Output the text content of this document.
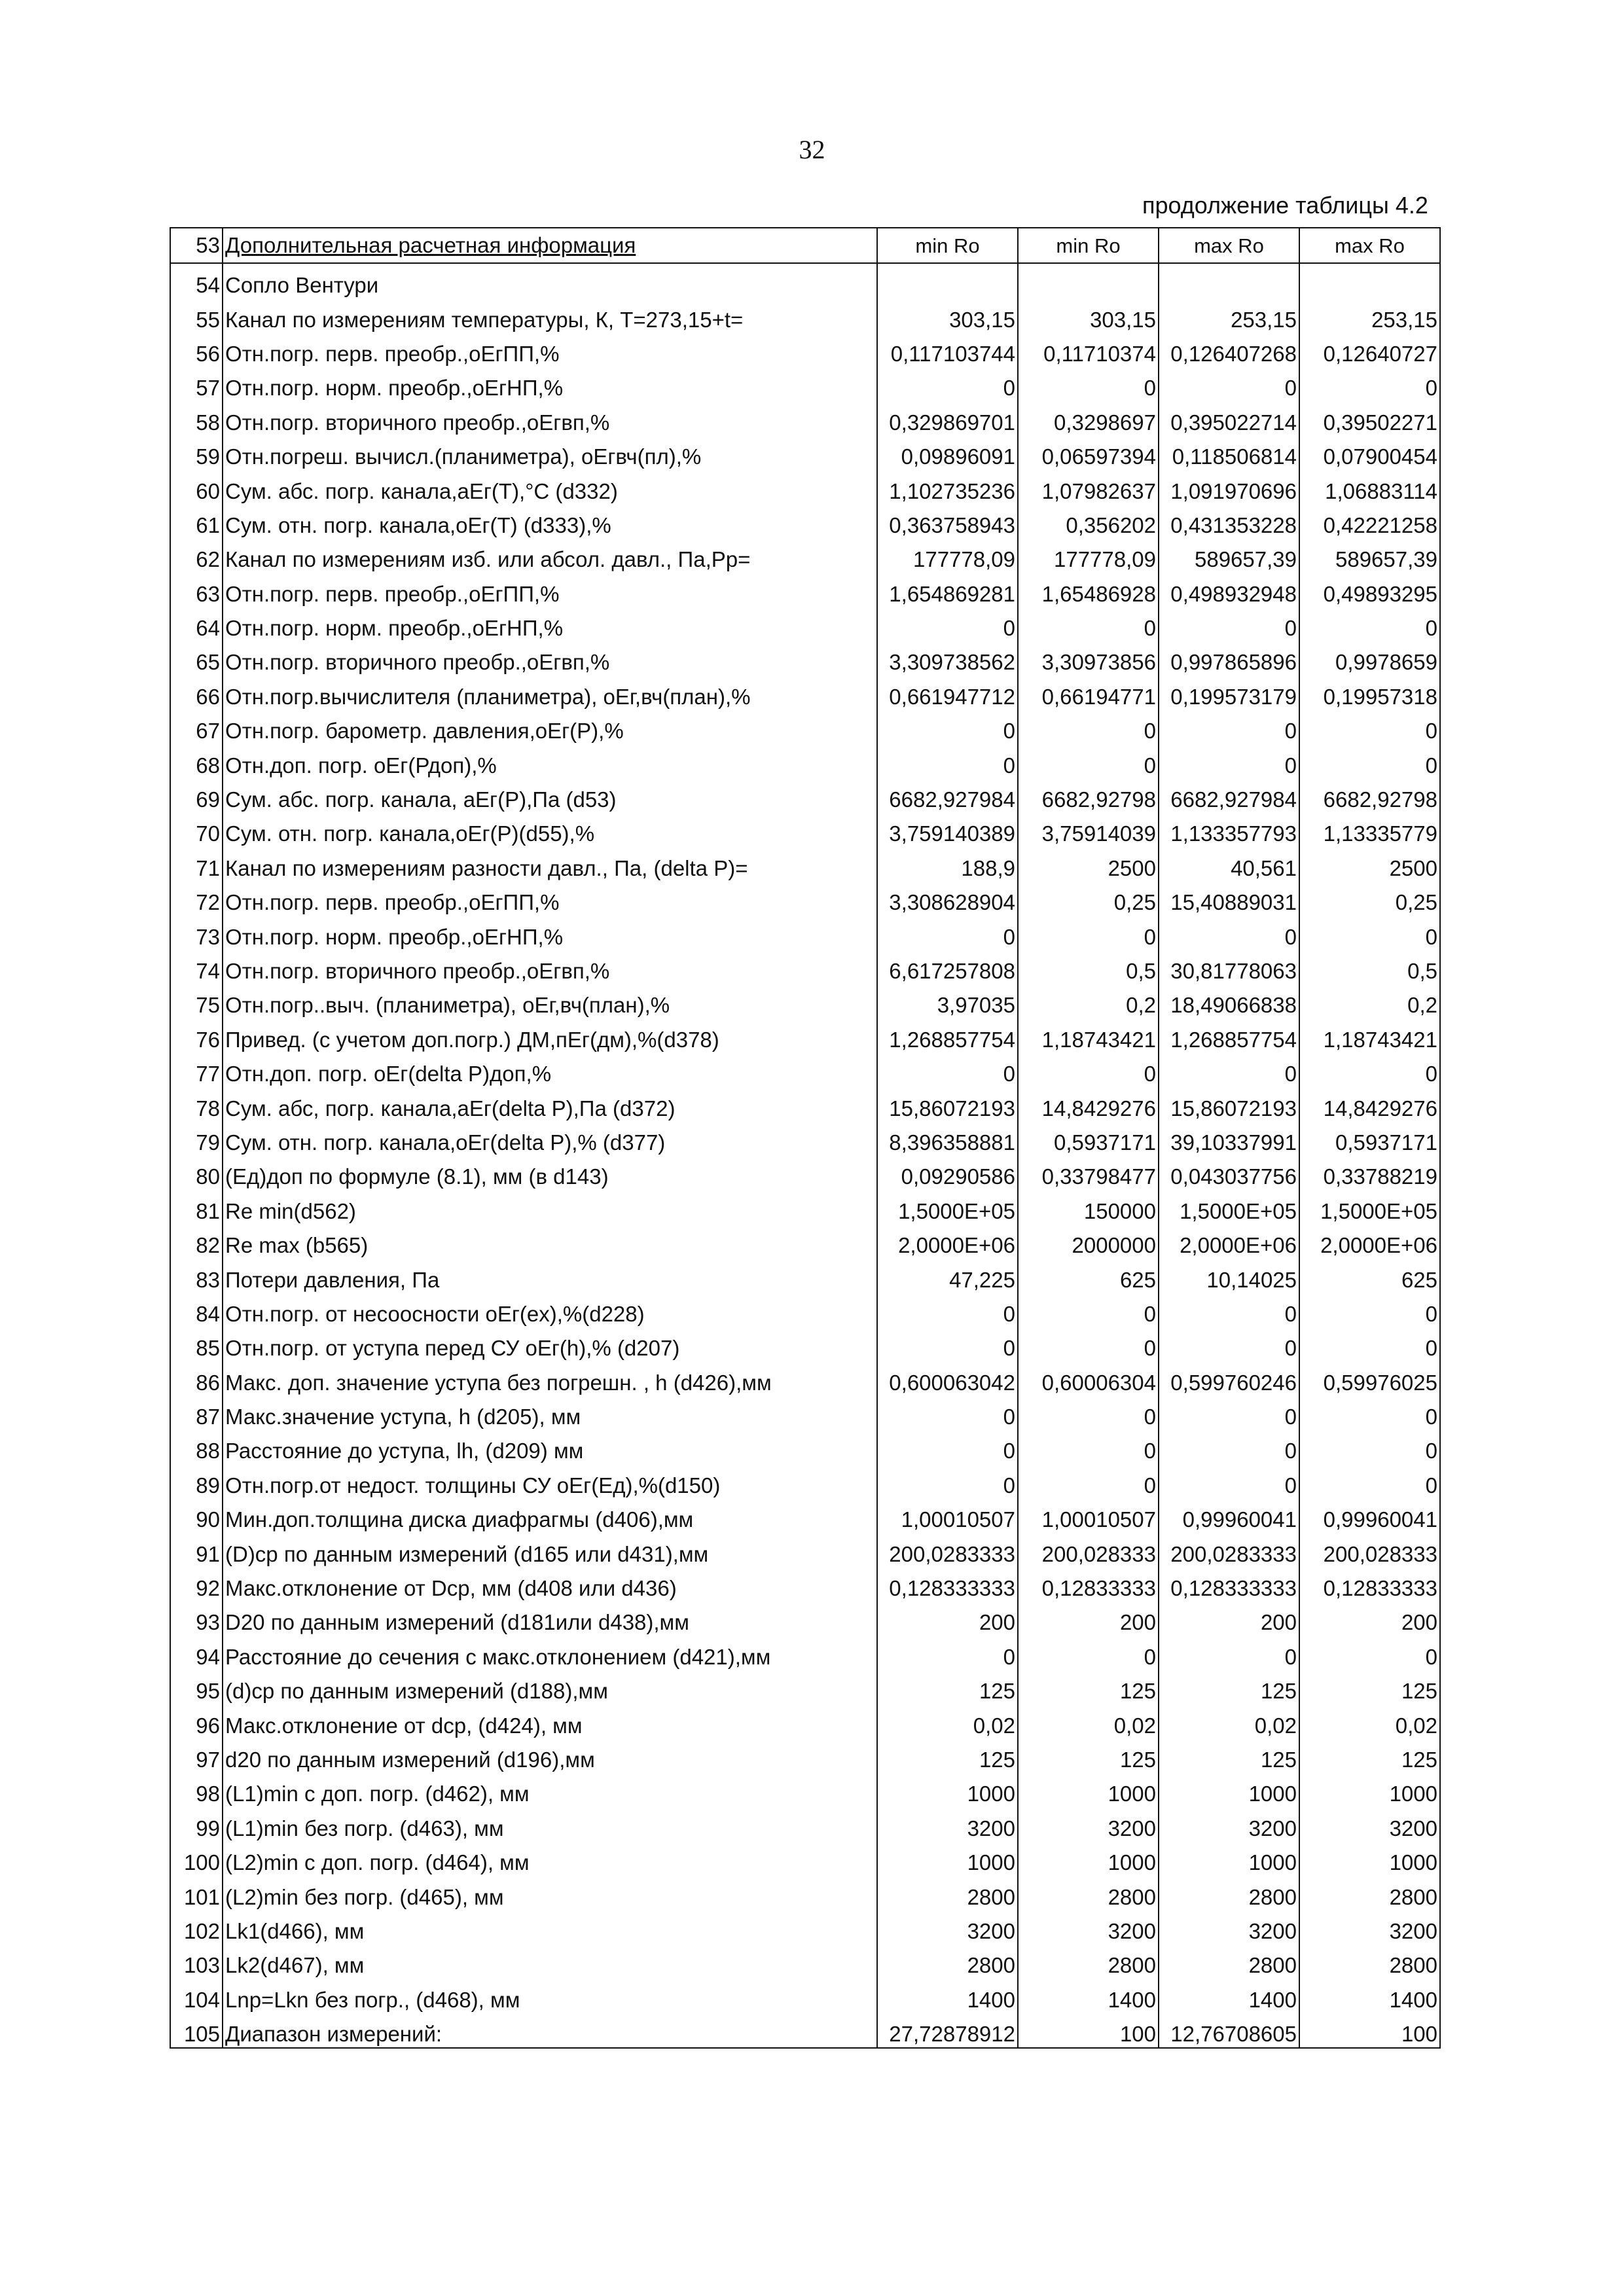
32
продолжение таблицы 4.2
53	Дополнительная расчетная информация	min Ro	min Ro	max Ro	max Ro
54	Сопло Вентури				
55	Канал по измерениям температуры, К, Т=273,15+t=	303,15	303,15	253,15	253,15
56	Отн.погр. перв. преобр.,оЕгПП,%	0,117103744	0,11710374	0,126407268	0,12640727
57	Отн.погр. норм. преобр.,оЕгНП,%	0	0	0	0
58	Отн.погр. вторичного преобр.,оЕгвп,%	0,329869701	0,3298697	0,395022714	0,39502271
59	Отн.погреш. вычисл.(планиметра), оЕгвч(пл),%	0,09896091	0,06597394	0,118506814	0,07900454
60	Сум. абс. погр. канала,аЕг(Т),°С (d332)	1,102735236	1,07982637	1,091970696	1,06883114
61	Сум. отн. погр. канала,оЕг(Т) (d333),%	0,363758943	0,356202	0,431353228	0,42221258
62	Канал по измерениям изб. или абсол. давл., Па,Рр=	177778,09	177778,09	589657,39	589657,39
63	Отн.погр. перв. преобр.,оЕгПП,%	1,654869281	1,65486928	0,498932948	0,49893295
64	Отн.погр. норм. преобр.,оЕгНП,%	0	0	0	0
65	Отн.погр. вторичного преобр.,оЕгвп,%	3,309738562	3,30973856	0,997865896	0,9978659
66	Отн.погр.вычислителя (планиметра), оЕг,вч(план),%	0,661947712	0,66194771	0,199573179	0,19957318
67	Отн.погр. барометр. давления,оЕг(Р),%	0	0	0	0
68	Отн.доп. погр. оЕг(Рдоп),%	0	0	0	0
69	Сум. абс. погр. канала, аЕг(Р),Па (d53)	6682,927984	6682,92798	6682,927984	6682,92798
70	Сум. отн. погр. канала,оЕг(Р)(d55),%	3,759140389	3,75914039	1,133357793	1,13335779
71	Канал по измерениям разности давл., Па, (delta P)=	188,9	2500	40,561	2500
72	Отн.погр. перв. преобр.,оЕгПП,%	3,308628904	0,25	15,40889031	0,25
73	Отн.погр. норм. преобр.,оЕгНП,%	0	0	0	0
74	Отн.погр. вторичного преобр.,оЕгвп,%	6,617257808	0,5	30,81778063	0,5
75	Отн.погр..выч. (планиметра), оЕг,вч(план),%	3,97035	0,2	18,49066838	0,2
76	Привед. (с учетом доп.погр.) ДМ,пЕг(дм),%(d378)	1,268857754	1,18743421	1,268857754	1,18743421
77	Отн.доп. погр. оЕг(delta Р)доп,%	0	0	0	0
78	Сум. абс, погр. канала,аЕг(delta Р),Па (d372)	15,86072193	14,8429276	15,86072193	14,8429276
79	Сум. отн. погр. канала,оЕг(delta Р),% (d377)	8,396358881	0,5937171	39,10337991	0,5937171
80	(Ед)доп по формуле (8.1), мм (в d143)	0,09290586	0,33798477	0,043037756	0,33788219
81	Re min(d562)	1,5000E+05	150000	1,5000E+05	1,5000E+05
82	Re max (b565)	2,0000E+06	2000000	2,0000E+06	2,0000E+06
83	Потери давления, Па	47,225	625	10,14025	625
84	Отн.погр. от несоосности оЕг(ex),%(d228)	0	0	0	0
85	Отн.погр. от уступа перед СУ оЕг(h),% (d207)	0	0	0	0
86	Макс. доп. значение уступа без погрешн. , h (d426),мм	0,600063042	0,60006304	0,599760246	0,59976025
87	Макс.значение уступа, h (d205), мм	0	0	0	0
88	Расстояние до уступа, lh, (d209) мм	0	0	0	0
89	Отн.погр.от недост. толщины СУ оЕг(Ед),%(d150)	0	0	0	0
90	Мин.доп.толщина диска диафрагмы (d406),мм	1,00010507	1,00010507	0,99960041	0,99960041
91	(D)ср по данным измерений (d165 или d431),мм	200,0283333	200,028333	200,0283333	200,028333
92	Макс.отклонение от Dcp, мм (d408 или d436)	0,128333333	0,12833333	0,128333333	0,12833333
93	D20 по данным измерений (d181или d438),мм	200	200	200	200
94	Расстояние до сечения с макс.отклонением (d421),мм	0	0	0	0
95	(d)cp по данным измерений (d188),мм	125	125	125	125
96	Макс.отклонение от dcp, (d424), мм	0,02	0,02	0,02	0,02
97	d20 по данным измерений (d196),мм	125	125	125	125
98	(L1)min с доп. погр. (d462), мм	1000	1000	1000	1000
99	(L1)min без погр. (d463), мм	3200	3200	3200	3200
100	(L2)min с доп. погр. (d464), мм	1000	1000	1000	1000
101	(L2)min без погр. (d465), мм	2800	2800	2800	2800
102	Lk1(d466), мм	3200	3200	3200	3200
103	Lk2(d467), мм	2800	2800	2800	2800
104	Lnp=Lkn без погр., (d468), мм	1400	1400	1400	1400
105	Диапазон измерений:	27,72878912	100	12,76708605	100
